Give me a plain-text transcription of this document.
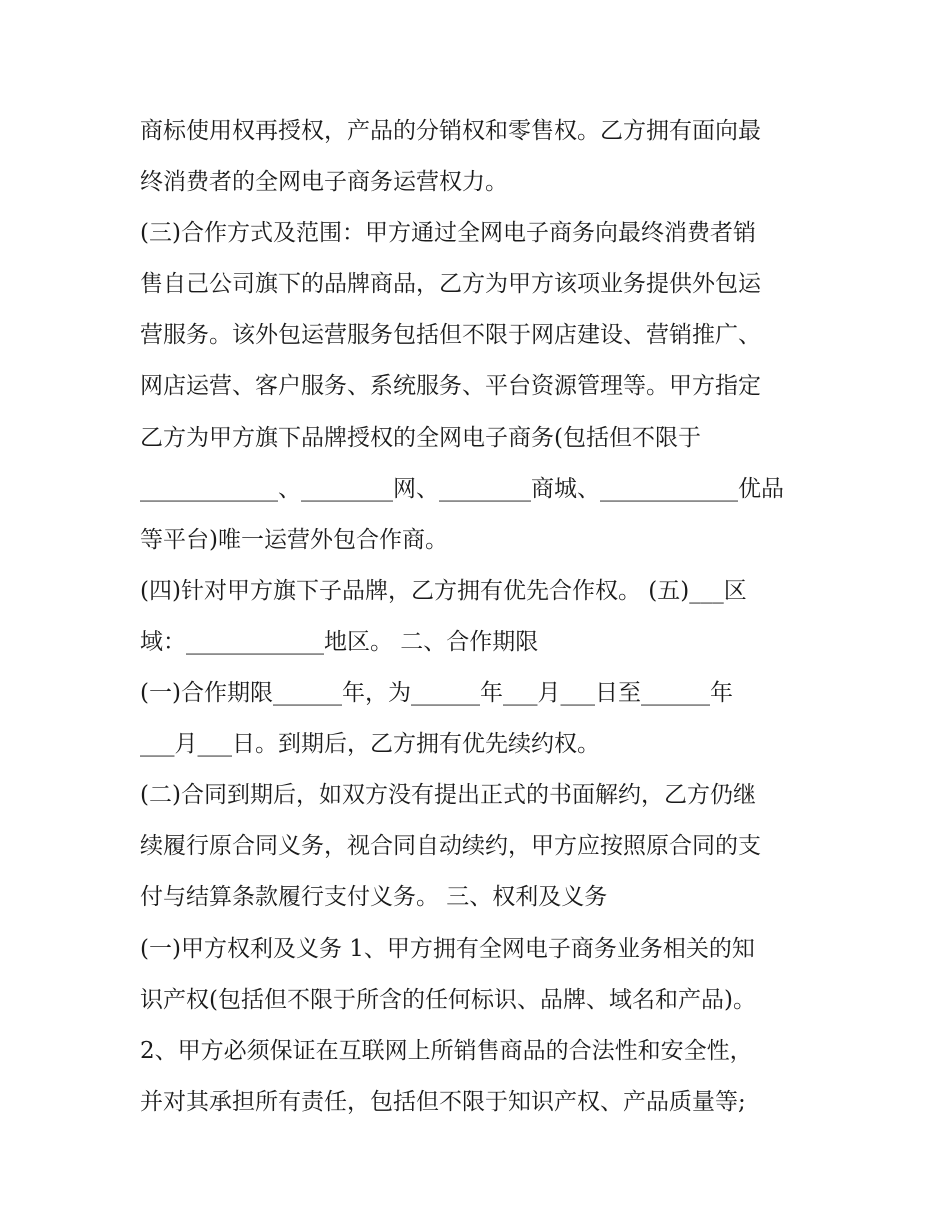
商标使用权再授权，产品的分销权和零售权。乙方拥有面向最
终消费者的全网电子商务运营权力。
(三)合作方式及范围：甲方通过全网电子商务向最终消费者销
售自己公司旗下的品牌商品，乙方为甲方该项业务提供外包运
营服务。该外包运营服务包括但不限于网店建设、营销推广、
网店运营、客户服务、系统服务、平台资源管理等。甲方指定
乙方为甲方旗下品牌授权的全网电子商务(包括但不限于
____________、________网、________商城、____________优品
等平台)唯一运营外包合作商。
(四)针对甲方旗下子品牌，乙方拥有优先合作权。 (五)___区
域：____________地区。 二、合作期限
(一)合作期限______年，为______年___月___日至______年
___月___日。到期后，乙方拥有优先续约权。
(二)合同到期后，如双方没有提出正式的书面解约，乙方仍继
续履行原合同义务，视合同自动续约，甲方应按照原合同的支
付与结算条款履行支付义务。 三、权利及义务
(一)甲方权利及义务 1、甲方拥有全网电子商务业务相关的知
识产权(包括但不限于所含的任何标识、品牌、域名和产品)。
2、甲方必须保证在互联网上所销售商品的合法性和安全性，
并对其承担所有责任，包括但不限于知识产权、产品质量等;
